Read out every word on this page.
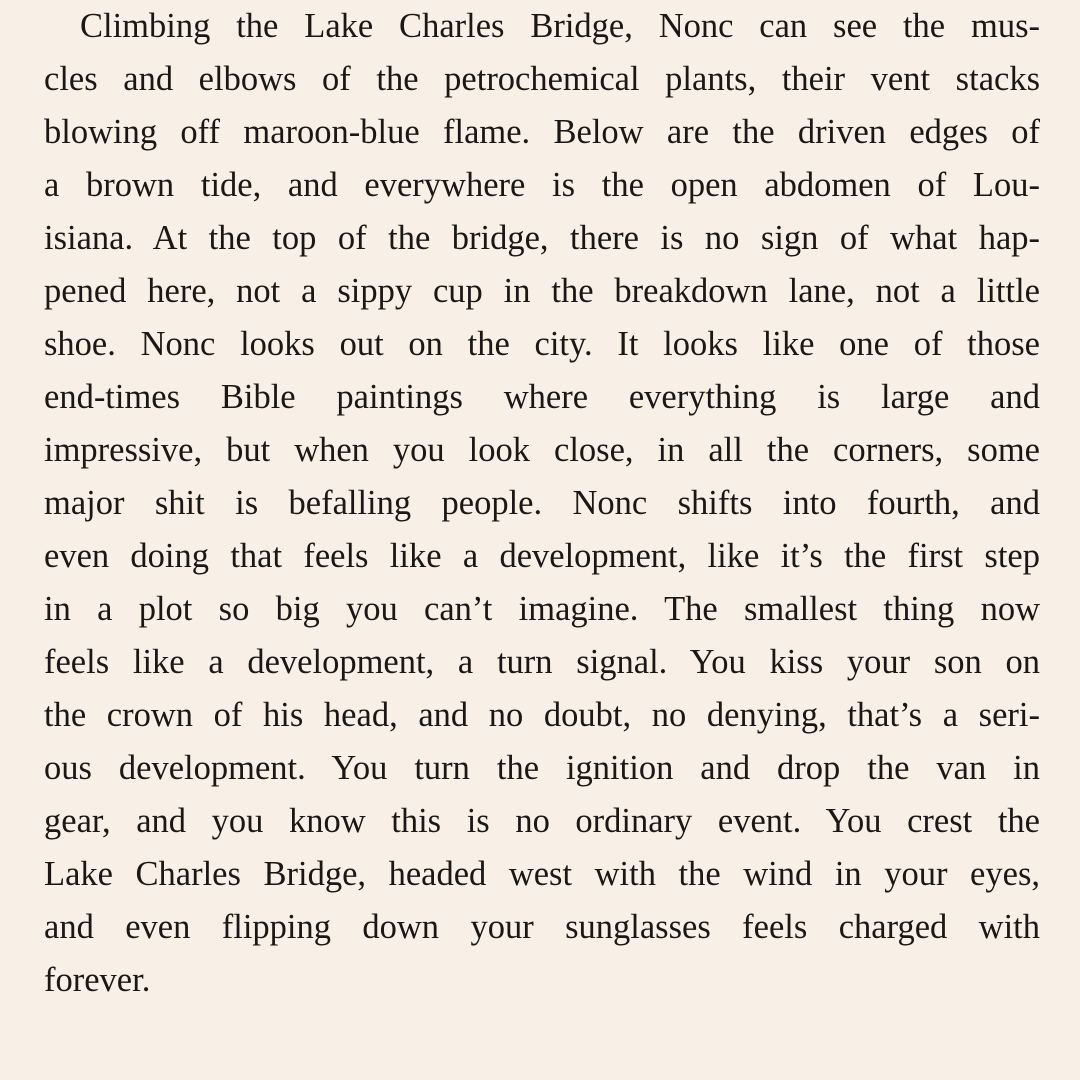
Climbing the Lake Charles Bridge, Nonc can see the mus-
cles and elbows of the petrochemical plants, their vent stacks
blowing off maroon-blue flame. Below are the driven edges of
a brown tide, and everywhere is the open abdomen of Lou-
isiana. At the top of the bridge, there is no sign of what hap-
pened here, not a sippy cup in the breakdown lane, not a little
shoe. Nonc looks out on the city. It looks like one of those
end-times Bible paintings where everything is large and
impressive, but when you look close, in all the corners, some
major shit is befalling people. Nonc shifts into fourth, and
even doing that feels like a development, like it’s the first step
in a plot so big you can’t imagine. The smallest thing now
feels like a development, a turn signal. You kiss your son on
the crown of his head, and no doubt, no denying, that’s a seri-
ous development. You turn the ignition and drop the van in
gear, and you know this is no ordinary event. You crest the
Lake Charles Bridge, headed west with the wind in your eyes,
and even flipping down your sunglasses feels charged with
forever.
